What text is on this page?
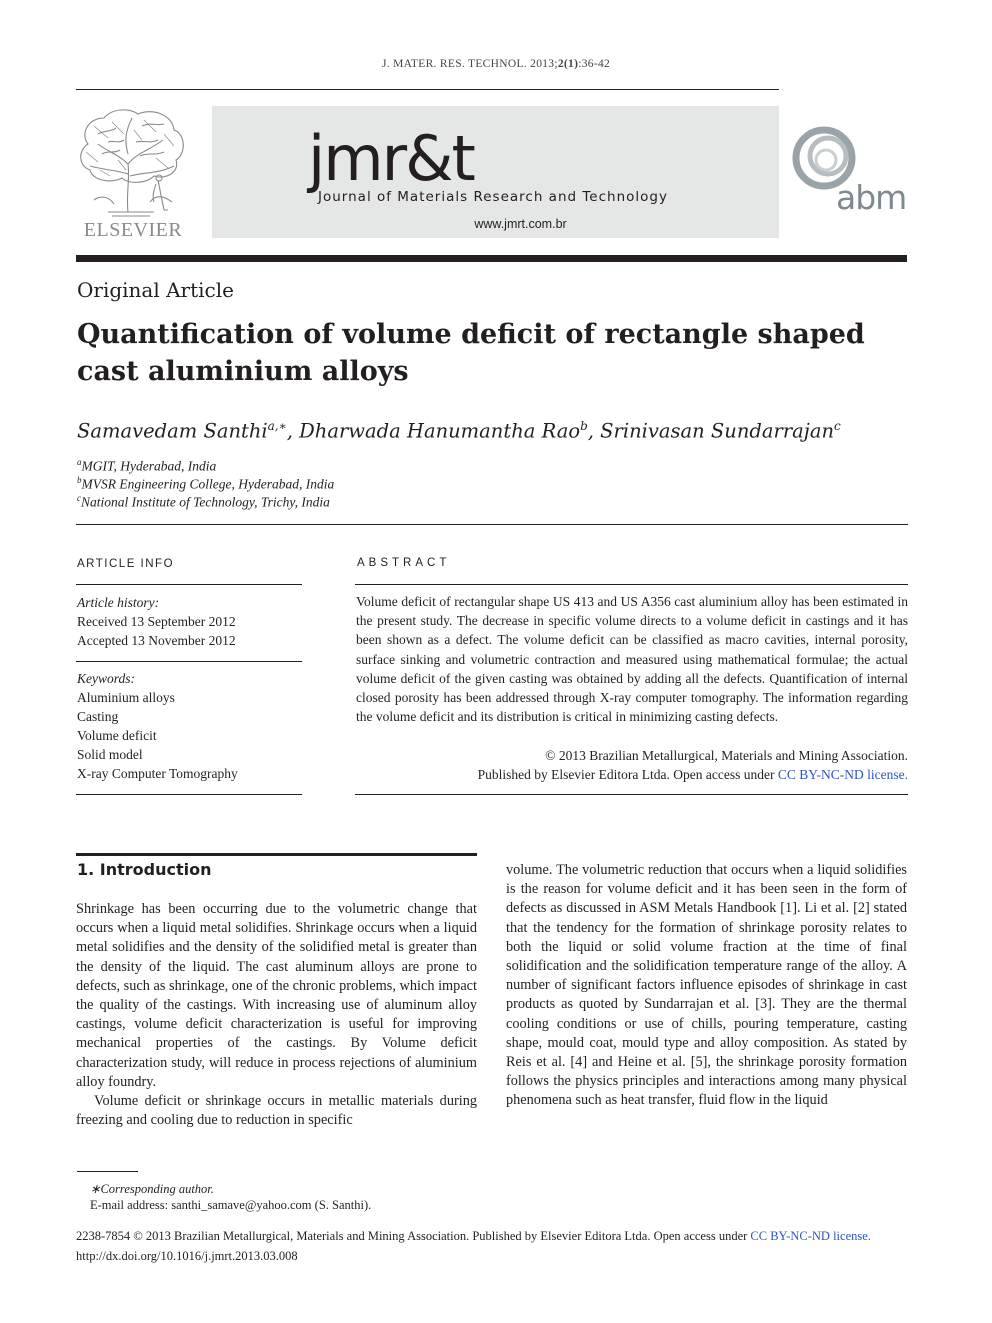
J. MATER. RES. TECHNOL. 2013;2(1):36-42
ELSEVIER
jmr&t
Journal of Materials Research and Technology
www.jmrt.com.br
abm
Original Article
Quantification of volume deficit of rectangle shaped cast aluminium alloys
Samavedam Santhi$^{a,∗}$, Dharwada Hanumantha Rao$^b$, Srinivasan Sundarrajan$^c$
$^a$MGIT, Hyderabad, India
$^b$MVSR Engineering College, Hyderabad, India
$^c$National Institute of Technology, Trichy, India
ARTICLE INFO
Article history:
Received 13 September 2012
Accepted 13 November 2012
Keywords:
Aluminium alloys
Casting
Volume deficit
Solid model
X-ray Computer Tomography
ABSTRACT
Volume deficit of rectangular shape US 413 and US A356 cast aluminium alloy has been estimated in the present study. The decrease in specific volume directs to a volume deficit in castings and it has been shown as a defect. The volume deficit can be classified as macro cavities, internal porosity, surface sinking and volumetric contraction and measured using mathematical formulae; the actual volume deficit of the given casting was obtained by adding all the defects. Quantification of internal closed porosity has been addressed through X-ray computer tomography. The information regarding the volume deficit and its distribution is critical in minimizing casting defects.
© 2013 Brazilian Metallurgical, Materials and Mining Association.
Published by Elsevier Editora Ltda. Open access under CC BY-NC-ND license.
1. Introduction

Shrinkage has been occurring due to the volumetric change that occurs when a liquid metal solidifies. Shrinkage occurs when a liquid metal solidifies and the density of the solidified metal is greater than the density of the liquid. The cast aluminum alloys are prone to defects, such as shrinkage, one of the chronic problems, which impact the quality of the castings. With increasing use of aluminum alloy castings, volume deficit characterization is useful for improving mechanical properties of the castings. By Volume deficit characterization study, will reduce in process rejections of aluminium alloy foundry.

Volume deficit or shrinkage occurs in metallic materials during freezing and cooling due to reduction in specific

volume. The volumetric reduction that occurs when a liquid solidifies is the reason for volume deficit and it has been seen in the form of defects as discussed in ASM Metals Handbook [1]. Li et al. [2] stated that the tendency for the formation of shrinkage porosity relates to both the liquid or solid volume fraction at the time of final solidification and the solidification temperature range of the alloy. A number of significant factors influence episodes of shrinkage in cast products as quoted by Sundarrajan et al. [3]. They are the thermal cooling conditions or use of chills, pouring temperature, casting shape, mould coat, mould type and alloy composition. As stated by Reis et al. [4] and Heine et al. [5], the shrinkage porosity formation follows the physics principles and interactions among many physical phenomena such as heat transfer, fluid flow in the liquid

∗Corresponding author.
E-mail address: santhi_samave@yahoo.com (S. Santhi).
2238-7854 © 2013 Brazilian Metallurgical, Materials and Mining Association. Published by Elsevier Editora Ltda. Open access under CC BY-NC-ND license.
http://dx.doi.org/10.1016/j.jmrt.2013.03.008
